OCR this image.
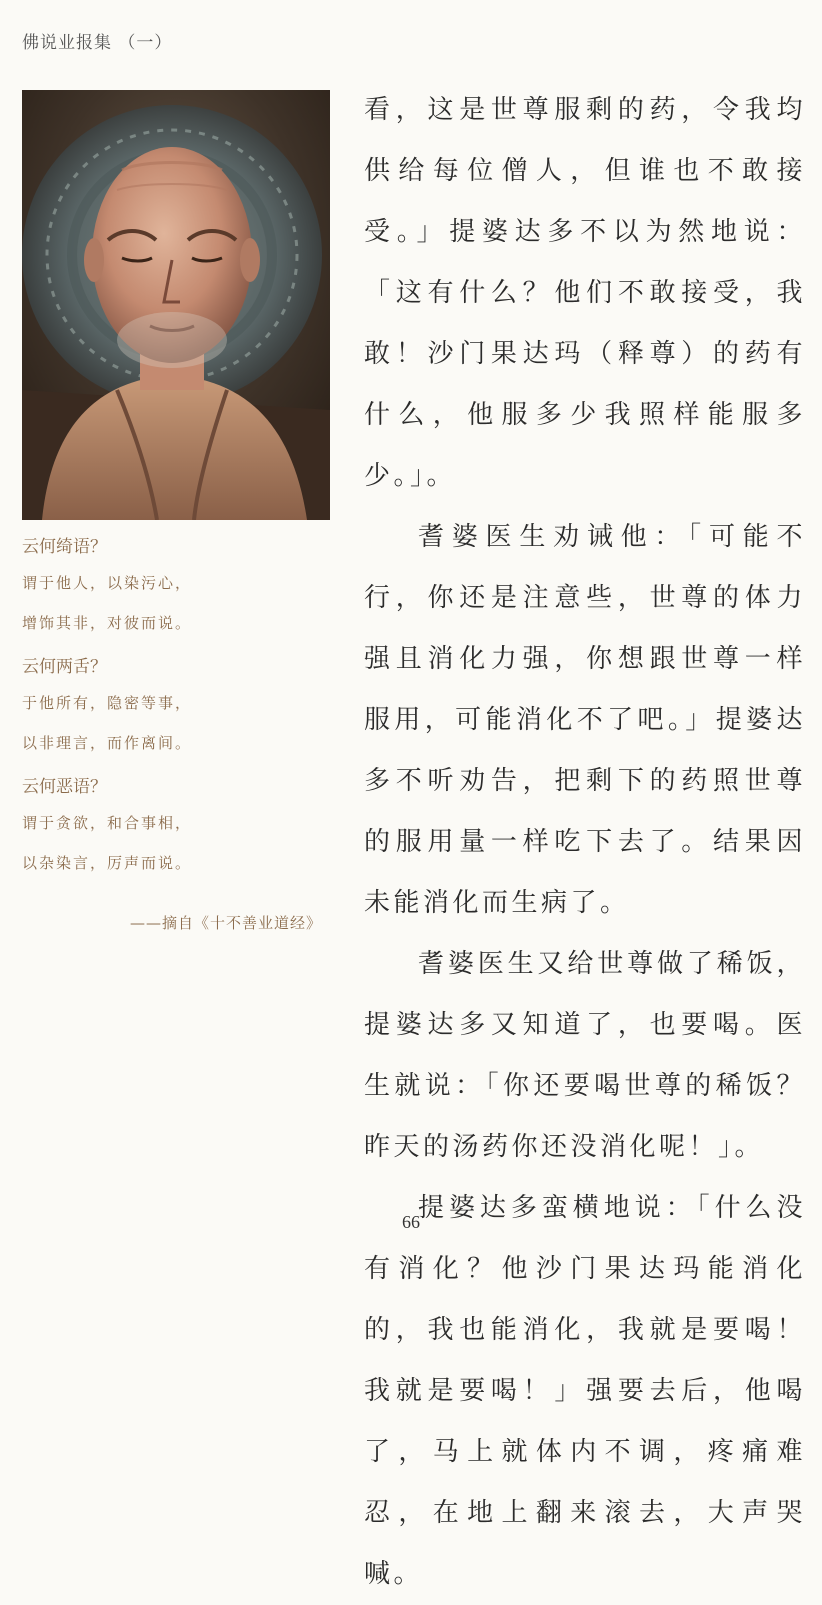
佛说业报集 （一）

云何绮语？

谓于他人，以染污心，

增饰其非，对彼而说。

云何两舌？

于他所有，隐密等事，

以非理言，而作离间。

云何恶语？

谓于贪欲，和合事相，

以杂染言，厉声而说。

——摘自《十不善业道经》

看，这是世尊服剩的药，令我均供给每位僧人，但谁也不敢接受。」提婆达多不以为然地说：「这有什么？他们不敢接受，我敢！沙门果达玛（释尊）的药有什么，他服多少我照样能服多少。」。

耆婆医生劝诫他：「可能不行，你还是注意些，世尊的体力强且消化力强，你想跟世尊一样服用，可能消化不了吧。」提婆达多不听劝告，把剩下的药照世尊的服用量一样吃下去了。结果因未能消化而生病了。

耆婆医生又给世尊做了稀饭，提婆达多又知道了，也要喝。医生就说：「你还要喝世尊的稀饭？昨天的汤药你还没消化呢！」。

提婆达多蛮横地说：「什么没有消化？他沙门果达玛能消化的，我也能消化，我就是要喝！我就是要喝！」强要去后，他喝了，马上就体内不调，疼痛难忍，在地上翻来滚去，大声哭喊。

66
